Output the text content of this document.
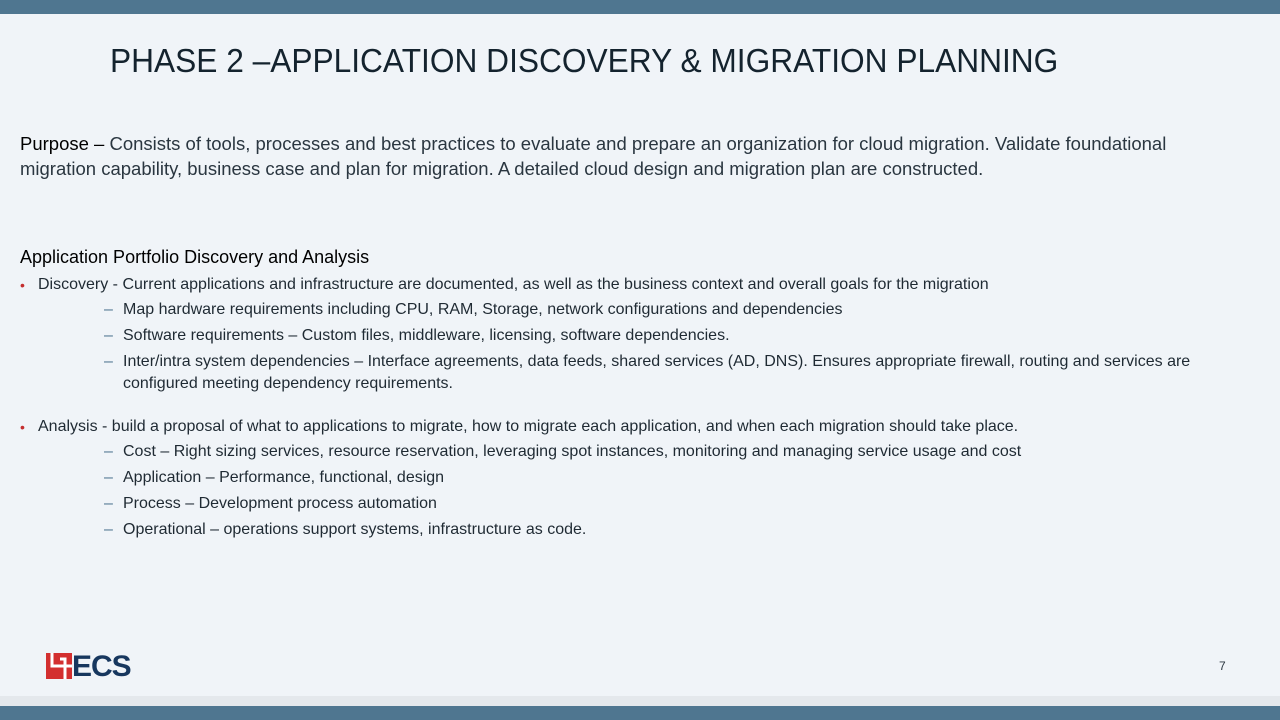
PHASE 2 –APPLICATION DISCOVERY & MIGRATION PLANNING
Purpose – Consists of tools, processes and best practices to evaluate and prepare an organization for cloud migration. Validate foundational migration capability, business case and plan for migration. A detailed cloud design and migration plan are constructed.
Application Portfolio Discovery and Analysis
• Discovery - Current applications and infrastructure are documented, as well as the business context and overall goals for the migration
– Map hardware requirements including CPU, RAM, Storage, network configurations and dependencies
– Software requirements – Custom files, middleware, licensing, software dependencies.
– Inter/intra system dependencies – Interface agreements, data feeds, shared services (AD, DNS). Ensures appropriate firewall, routing and services are configured meeting dependency requirements.
• Analysis - build a proposal of what to applications to migrate, how to migrate each application, and when each migration should take place.
– Cost – Right sizing services, resource reservation, leveraging spot instances, monitoring and managing service usage and cost
– Application – Performance, functional, design
– Process – Development process automation
– Operational – operations support systems, infrastructure as code.
ECS	7
